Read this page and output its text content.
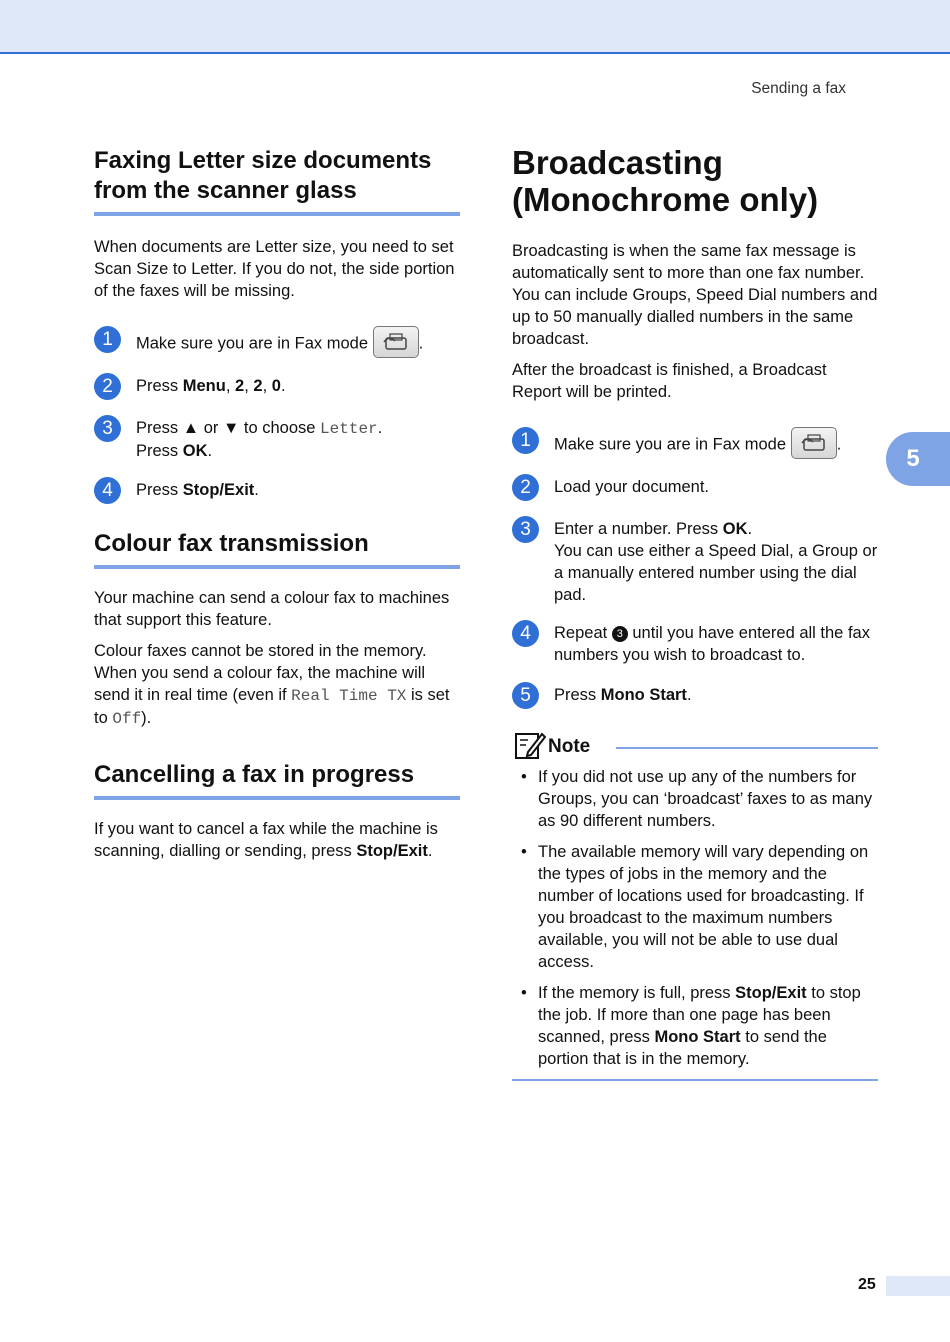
Sending a fax
Faxing Letter size documents from the scanner glass

When documents are Letter size, you need to set Scan Size to Letter. If you do not, the side portion of the faxes will be missing.

1	Make sure you are in Fax mode	.
2	Press Menu, 2, 2, 0.
3	Press ▲ or ▼ to choose Letter.
Press OK.
4	Press Stop/Exit.
Colour fax transmission

Your machine can send a colour fax to machines that support this feature.

Colour faxes cannot be stored in the memory. When you send a colour fax, the machine will send it in real time (even if Real Time TX is set to Off).

Cancelling a fax in progress

If you want to cancel a fax while the machine is scanning, dialling or sending, press Stop/Exit.

Broadcasting
(Monochrome only)

Broadcasting is when the same fax message is automatically sent to more than one fax number. You can include Groups, Speed Dial numbers and up to 50 manually dialled numbers in the same broadcast.

After the broadcast is finished, a Broadcast Report will be printed.

1	Make sure you are in Fax mode	.
2	Load your document.
3	Enter a number. Press OK.
You can use either a Speed Dial, a Group or a manually entered number using the dial pad.
4	Repeat 3 until you have entered all the fax numbers you wish to broadcast to.
5	Press Mono Start.
Note
• If you did not use up any of the numbers for Groups, you can ‘broadcast’ faxes to as many as 90 different numbers.
• The available memory will vary depending on the types of jobs in the memory and the number of locations used for broadcasting. If you broadcast to the maximum numbers available, you will not be able to use dual access.
• If the memory is full, press Stop/Exit to stop the job. If more than one page has been scanned, press Mono Start to send the portion that is in the memory.
5
25
